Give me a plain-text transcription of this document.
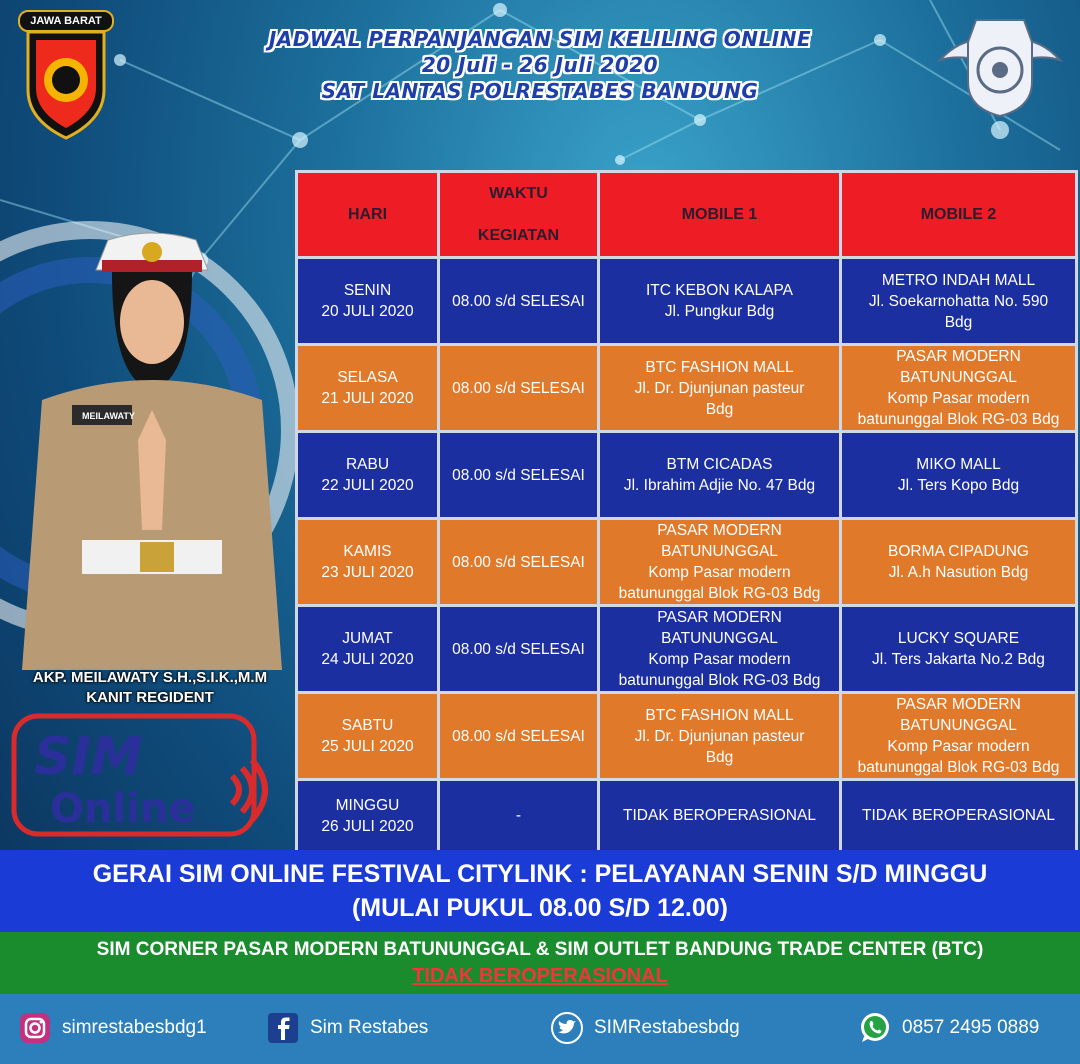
JAWA BARAT
JADWAL PERPANJANGAN SIM KELILING ONLINE
20 Juli - 26 Juli 2020
SAT LANTAS POLRESTABES BANDUNG
MEILAWATY
AKP. MEILAWATY S.H.,S.I.K.,M.M
KANIT REGIDENT
SIM
Online
HARI	WAKTU

KEGIATAN	MOBILE 1	MOBILE 2
SENIN
20 JULI 2020	08.00 s/d SELESAI	ITC KEBON KALAPA
Jl. Pungkur Bdg	METRO INDAH MALL
Jl. Soekarnohatta No. 590
Bdg
SELASA
21 JULI 2020	08.00 s/d SELESAI	BTC FASHION MALL
Jl. Dr. Djunjunan pasteur
Bdg	PASAR MODERN
BATUNUNGGAL
Komp Pasar modern
batununggal Blok RG-03 Bdg
RABU
22 JULI 2020	08.00 s/d SELESAI	BTM CICADAS
Jl. Ibrahim Adjie No. 47 Bdg	MIKO MALL
Jl. Ters Kopo Bdg
KAMIS
23 JULI 2020	08.00 s/d SELESAI	PASAR MODERN
BATUNUNGGAL
Komp Pasar modern
batununggal Blok RG-03 Bdg	BORMA CIPADUNG
Jl. A.h Nasution Bdg
JUMAT
24 JULI 2020	08.00 s/d SELESAI	PASAR MODERN
BATUNUNGGAL
Komp Pasar modern
batununggal Blok RG-03 Bdg	LUCKY SQUARE
Jl. Ters Jakarta No.2 Bdg
SABTU
25 JULI 2020	08.00 s/d SELESAI	BTC FASHION MALL
Jl. Dr. Djunjunan pasteur
Bdg	PASAR MODERN
BATUNUNGGAL
Komp Pasar modern
batununggal Blok RG-03 Bdg
MINGGU
26 JULI 2020	-	TIDAK BEROPERASIONAL	TIDAK BEROPERASIONAL
GERAI SIM ONLINE FESTIVAL CITYLINK : PELAYANAN SENIN S/D MINGGU
(MULAI PUKUL 08.00 S/D 12.00)
SIM CORNER PASAR MODERN BATUNUNGGAL & SIM OUTLET BANDUNG TRADE CENTER (BTC)
TIDAK BEROPERASIONAL
simrestabesbdg1	Sim Restabes	SIMRestabesbdg	0857 2495 0889
